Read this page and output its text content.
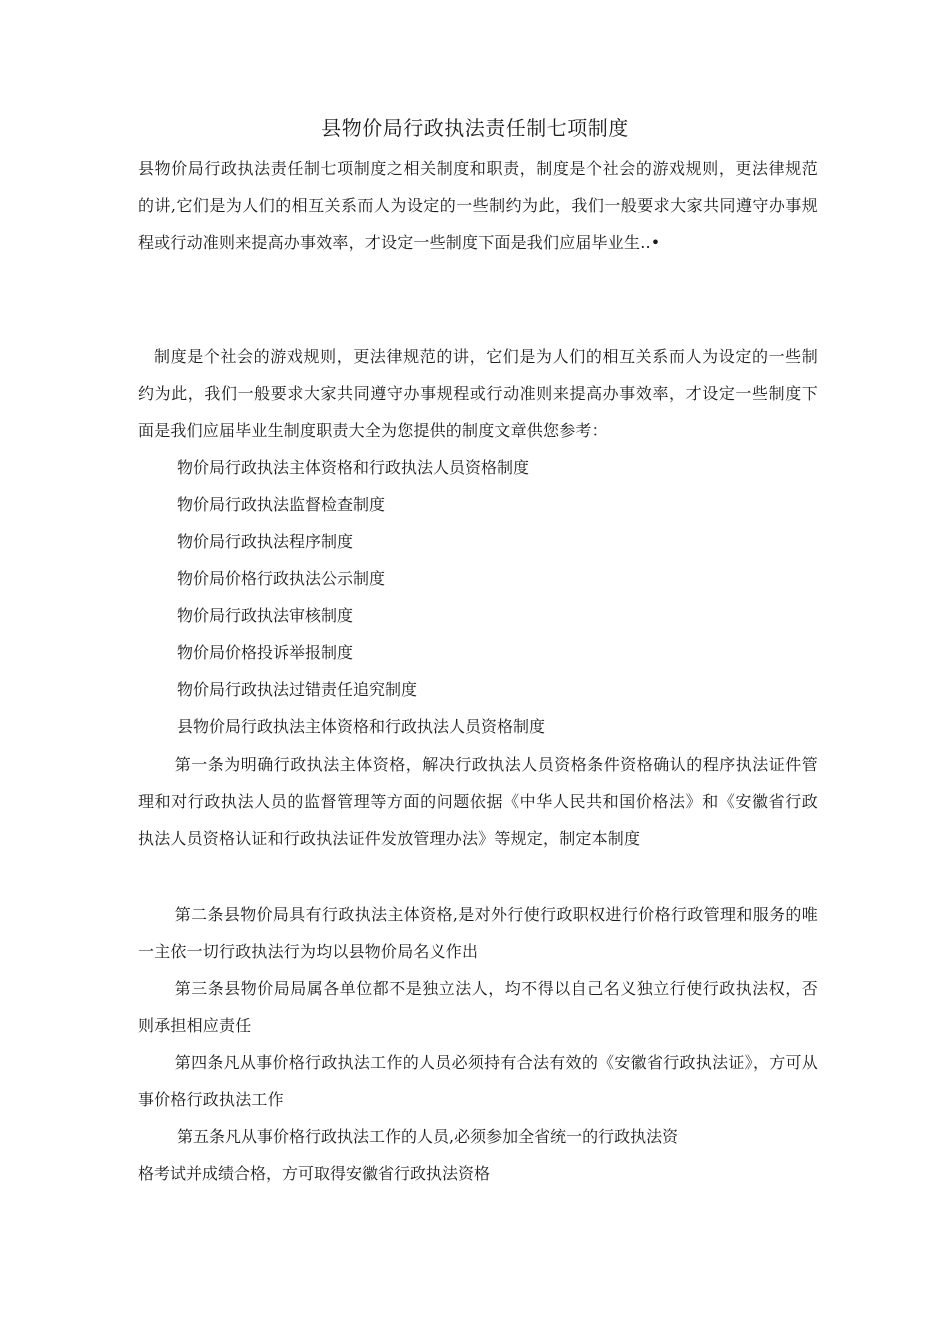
县物价局行政执法责任制七项制度
县物价局行政执法责任制七项制度之相关制度和职责，制度是个社会的游戏规则，更法律规范的讲,它们是为人们的相互关系而人为设定的一些制约为此，我们一般要求大家共同遵守办事规程或行动准则来提高办事效率，才设定一些制度下面是我们应届毕业生..•
制度是个社会的游戏规则，更法律规范的讲，它们是为人们的相互关系而人为设定的一些制约为此，我们一般要求大家共同遵守办事规程或行动准则来提高办事效率，才设定一些制度下面是我们应届毕业生制度职责大全为您提供的制度文章供您参考：
物价局行政执法主体资格和行政执法人员资格制度
物价局行政执法监督检查制度
物价局行政执法程序制度
物价局价格行政执法公示制度
物价局行政执法审核制度
物价局价格投诉举报制度
物价局行政执法过错责任追究制度
县物价局行政执法主体资格和行政执法人员资格制度
第一条为明确行政执法主体资格，解决行政执法人员资格条件资格确认的程序执法证件管理和对行政执法人员的监督管理等方面的问题依据《中华人民共和国价格法》和《安徽省行政执法人员资格认证和行政执法证件发放管理办法》等规定，制定本制度
第二条县物价局具有行政执法主体资格,是对外行使行政职权进行价格行政管理和服务的唯一主依一切行政执法行为均以县物价局名义作出
第三条县物价局局属各单位都不是独立法人，均不得以自己名义独立行使行政执法权，否则承担相应责任
第四条凡从事价格行政执法工作的人员必须持有合法有效的《安徽省行政执法证》，方可从事价格行政执法工作
第五条凡从事价格行政执法工作的人员,必须参加全省统一的行政执法资
格考试并成绩合格，方可取得安徽省行政执法资格
